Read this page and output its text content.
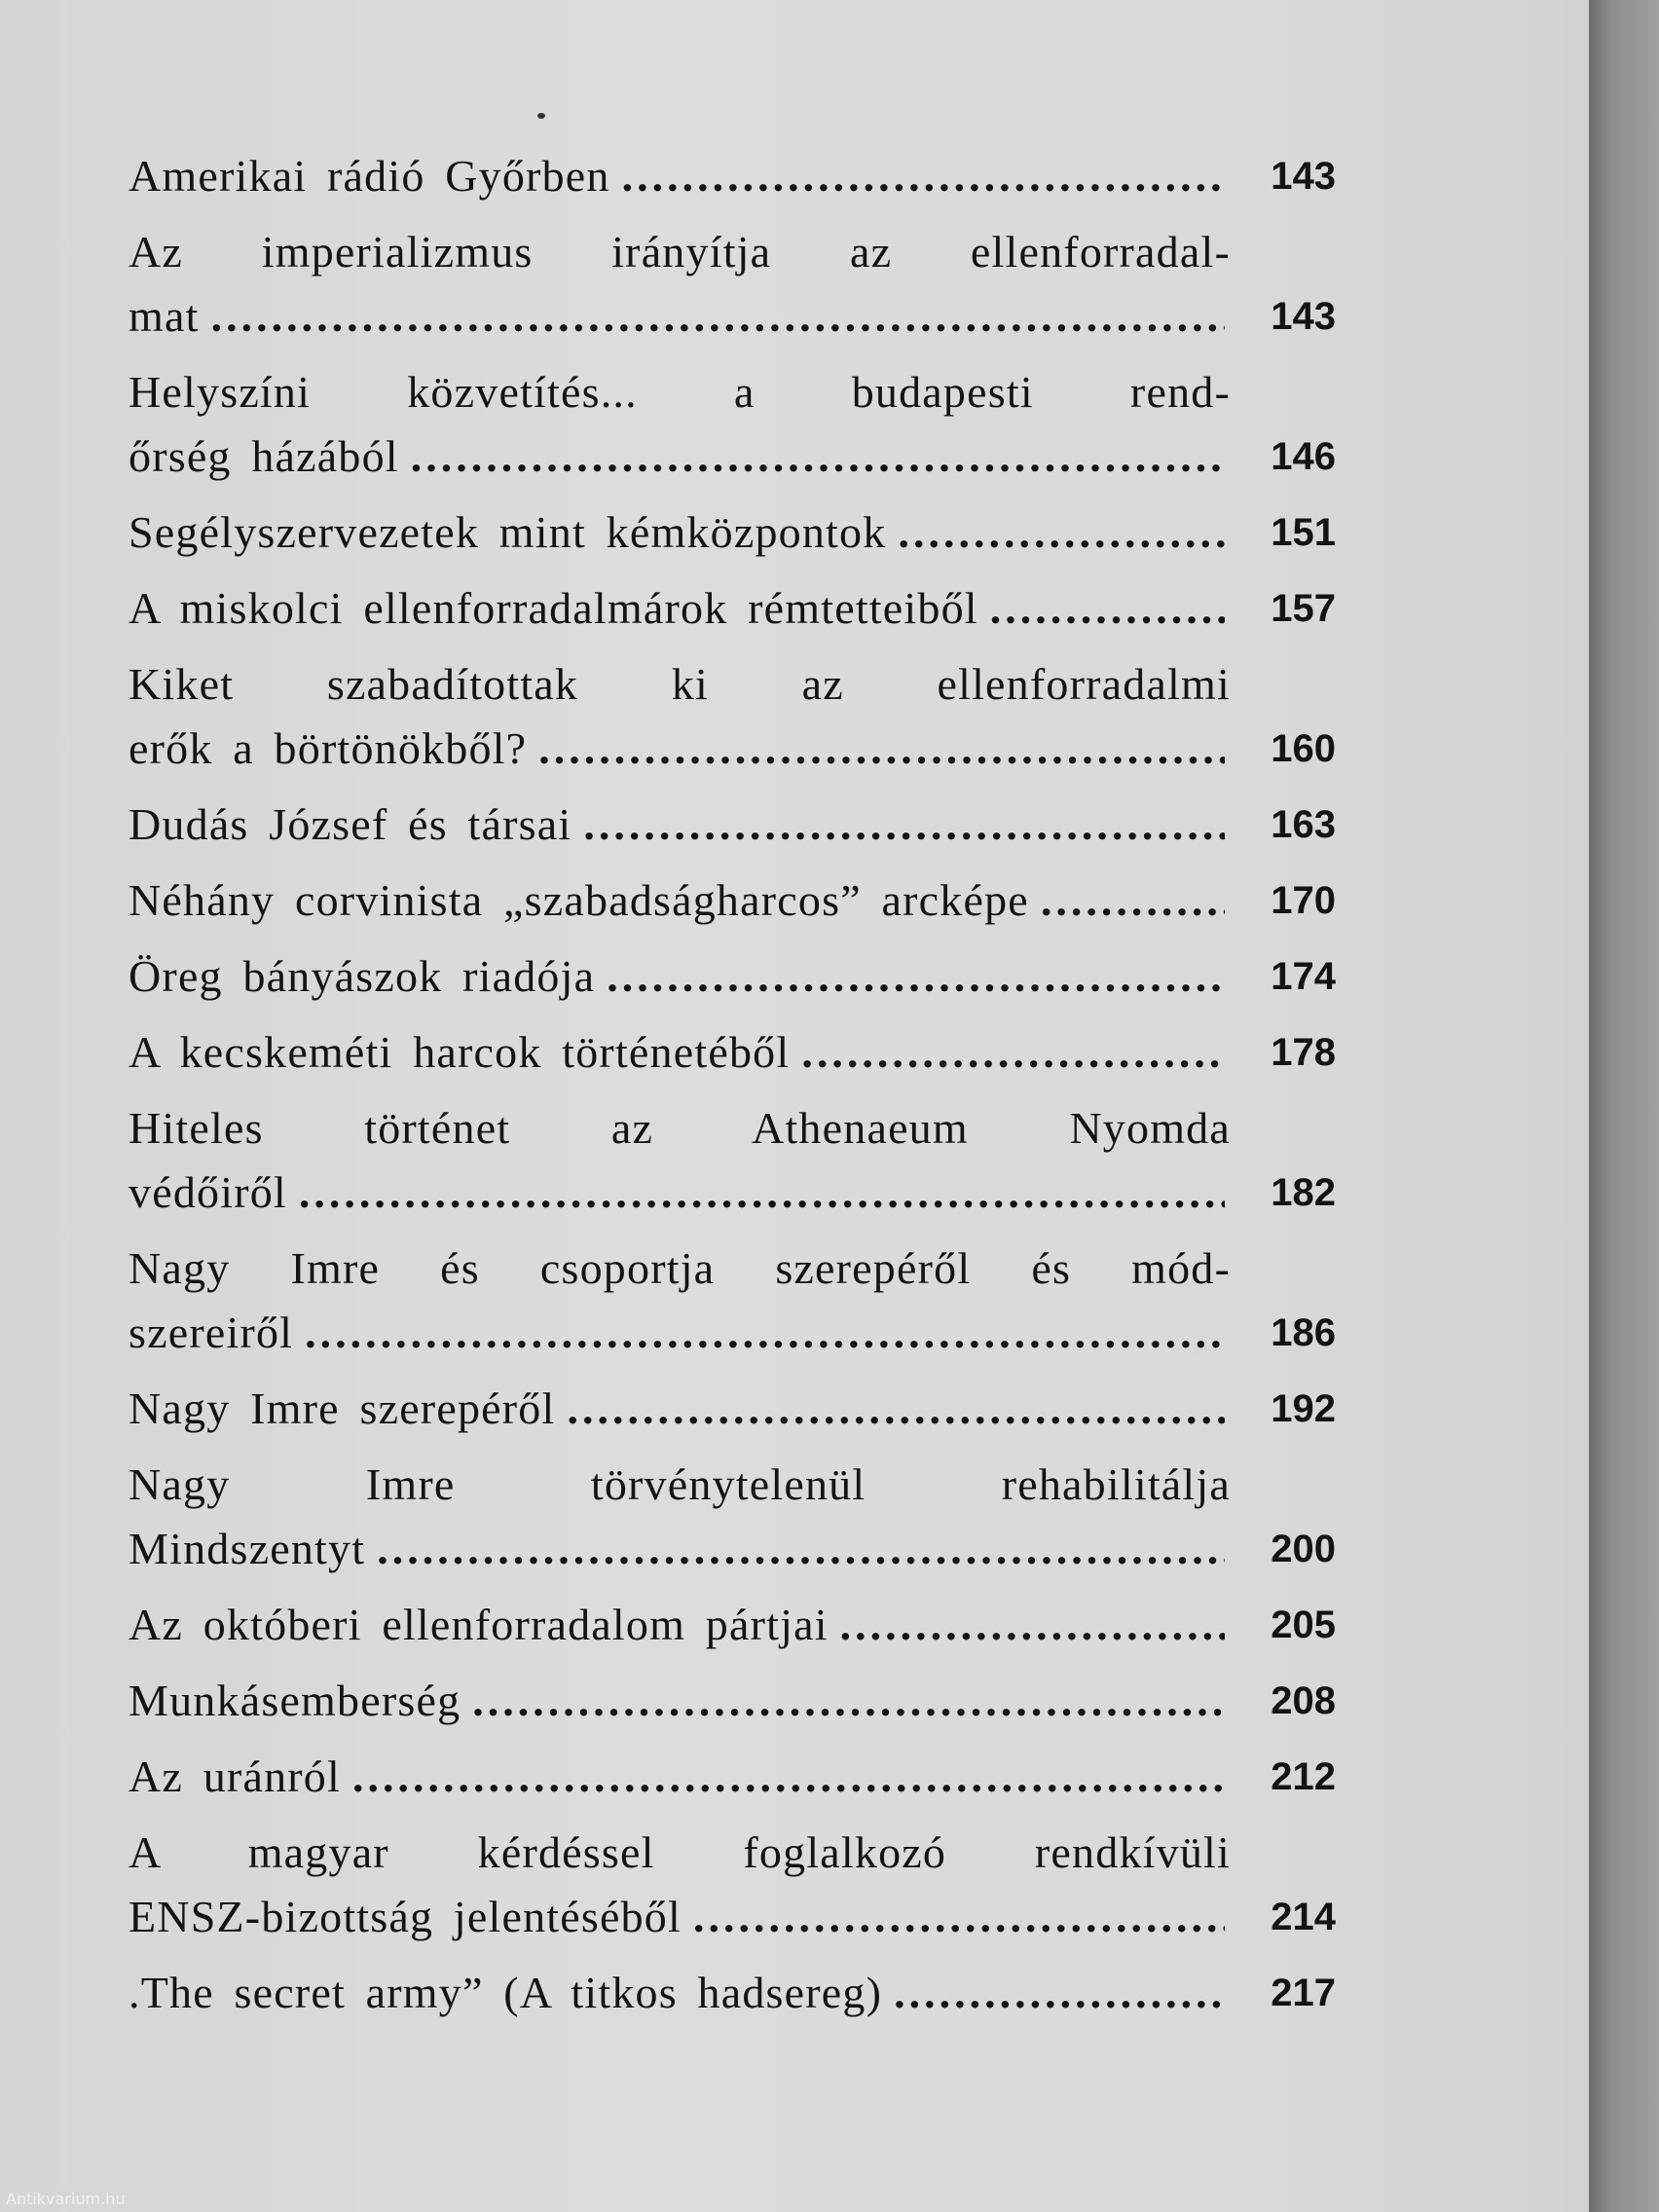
Amerikai rádió Győrben .....	143
Az imperializmus irányítja az ellenforradal-
mat .....	143
Helyszíni közvetítés... a budapesti rend-
őrség házából .....	146
Segélyszervezetek mint kémközpontok .....	151
A miskolci ellenforradalmárok rémtetteiből .....	157
Kiket szabadítottak ki az ellenforradalmi
erők a börtönökből? .....	160
Dudás József és társai .....	163
Néhány corvinista „szabadságharcos” arcképe .....	170
Öreg bányászok riadója .....	174
A kecskeméti harcok történetéből .....	178
Hiteles történet az Athenaeum Nyomda
védőiről .....	182
Nagy Imre és csoportja szerepéről és mód-
szereiről .....	186
Nagy Imre szerepéről .....	192
Nagy Imre törvénytelenül rehabilitálja
Mindszentyt .....	200
Az októberi ellenforradalom pártjai .....	205
Munkásemberség .....	208
Az uránról .....	212
A magyar kérdéssel foglalkozó rendkívüli
ENSZ-bizottság jelentéséből .....	214
.The secret army” (A titkos hadsereg) .....	217
Antikvarium.hu
